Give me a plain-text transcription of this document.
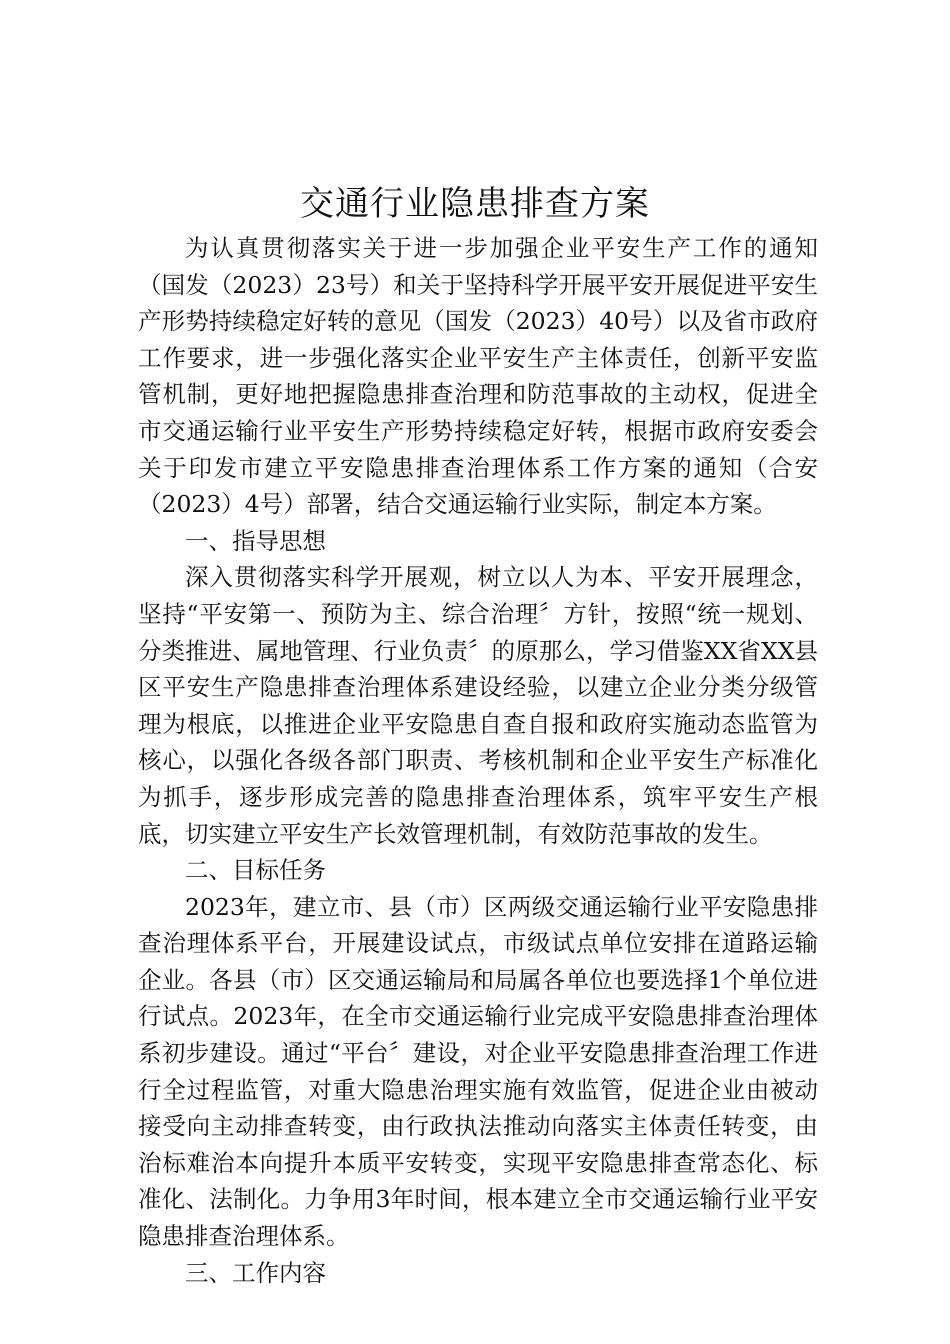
交通行业隐患排查方案

为认真贯彻落实关于进一步加强企业平安生产工作的通知（国发（2023）23号）和关于坚持科学开展平安开展促进平安生产形势持续稳定好转的意见（国发（2023）40号）以及省市政府工作要求，进一步强化落实企业平安生产主体责任，创新平安监管机制，更好地把握隐患排查治理和防范事故的主动权，促进全市交通运输行业平安生产形势持续稳定好转，根据市政府安委会关于印发市建立平安隐患排查治理体系工作方案的通知（合安（2023）4号）部署，结合交通运输行业实际，制定本方案。

一、指导思想

深入贯彻落实科学开展观，树立以人为本、平安开展理念，坚持“平安第一、预防为主、综合治理〞方针，按照“统一规划、分类推进、属地管理、行业负责〞的原那么，学习借鉴XX省XX县区平安生产隐患排查治理体系建设经验，以建立企业分类分级管理为根底，以推进企业平安隐患自查自报和政府实施动态监管为核心，以强化各级各部门职责、考核机制和企业平安生产标准化为抓手，逐步形成完善的隐患排查治理体系，筑牢平安生产根底，切实建立平安生产长效管理机制，有效防范事故的发生。

二、目标任务

2023年，建立市、县（市）区两级交通运输行业平安隐患排查治理体系平台，开展建设试点，市级试点单位安排在道路运输企业。各县（市）区交通运输局和局属各单位也要选择1个单位进行试点。2023年，在全市交通运输行业完成平安隐患排查治理体系初步建设。通过“平台〞建设，对企业平安隐患排查治理工作进行全过程监管，对重大隐患治理实施有效监管，促进企业由被动接受向主动排查转变，由行政执法推动向落实主体责任转变，由治标难治本向提升本质平安转变，实现平安隐患排查常态化、标准化、法制化。力争用3年时间，根本建立全市交通运输行业平安隐患排查治理体系。

三、工作内容
